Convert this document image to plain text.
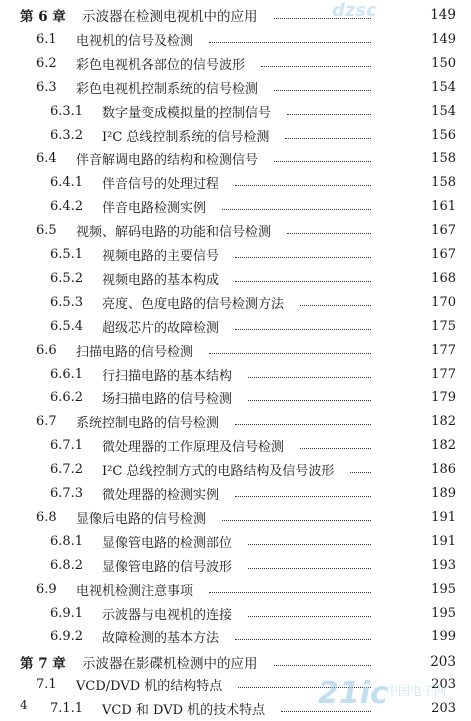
dzsc
第 6 章 示波器在检测电视机中的应用	149
6.1 电视机的信号及检测	149
6.2 彩色电视机各部位的信号波形	150
6.3 彩色电视机控制系统的信号检测	154
6.3.1 数字量变成模拟量的控制信号	154
6.3.2 I²C 总线控制系统的信号检测	156
6.4 伴音解调电路的结构和检测信号	158
6.4.1 伴音信号的处理过程	158
6.4.2 伴音电路检测实例	161
6.5 视频、解码电路的功能和信号检测	167
6.5.1 视频电路的主要信号	167
6.5.2 视频电路的基本构成	168
6.5.3 亮度、色度电路的信号检测方法	170
6.5.4 超级芯片的故障检测	175
6.6 扫描电路的信号检测	177
6.6.1 行扫描电路的基本结构	177
6.6.2 场扫描电路的信号检测	179
6.7 系统控制电路的信号检测	182
6.7.1 微处理器的工作原理及信号检测	182
6.7.2 I²C 总线控制方式的电路结构及信号波形	186
6.7.3 微处理器的检测实例	189
6.8 显像后电路的信号检测	191
6.8.1 显像管电路的检测部位	191
6.8.2 显像管电路的信号波形	193
6.9 电视机检测注意事项	195
6.9.1 示波器与电视机的连接	195
6.9.2 故障检测的基本方法	199
第 7 章 示波器在影碟机检测中的应用	203
7.1 VCD/DVD 机的结构特点	203
7.1.1 VCD 和 DVD 机的技术特点	203
21ic
中国电子网
4
